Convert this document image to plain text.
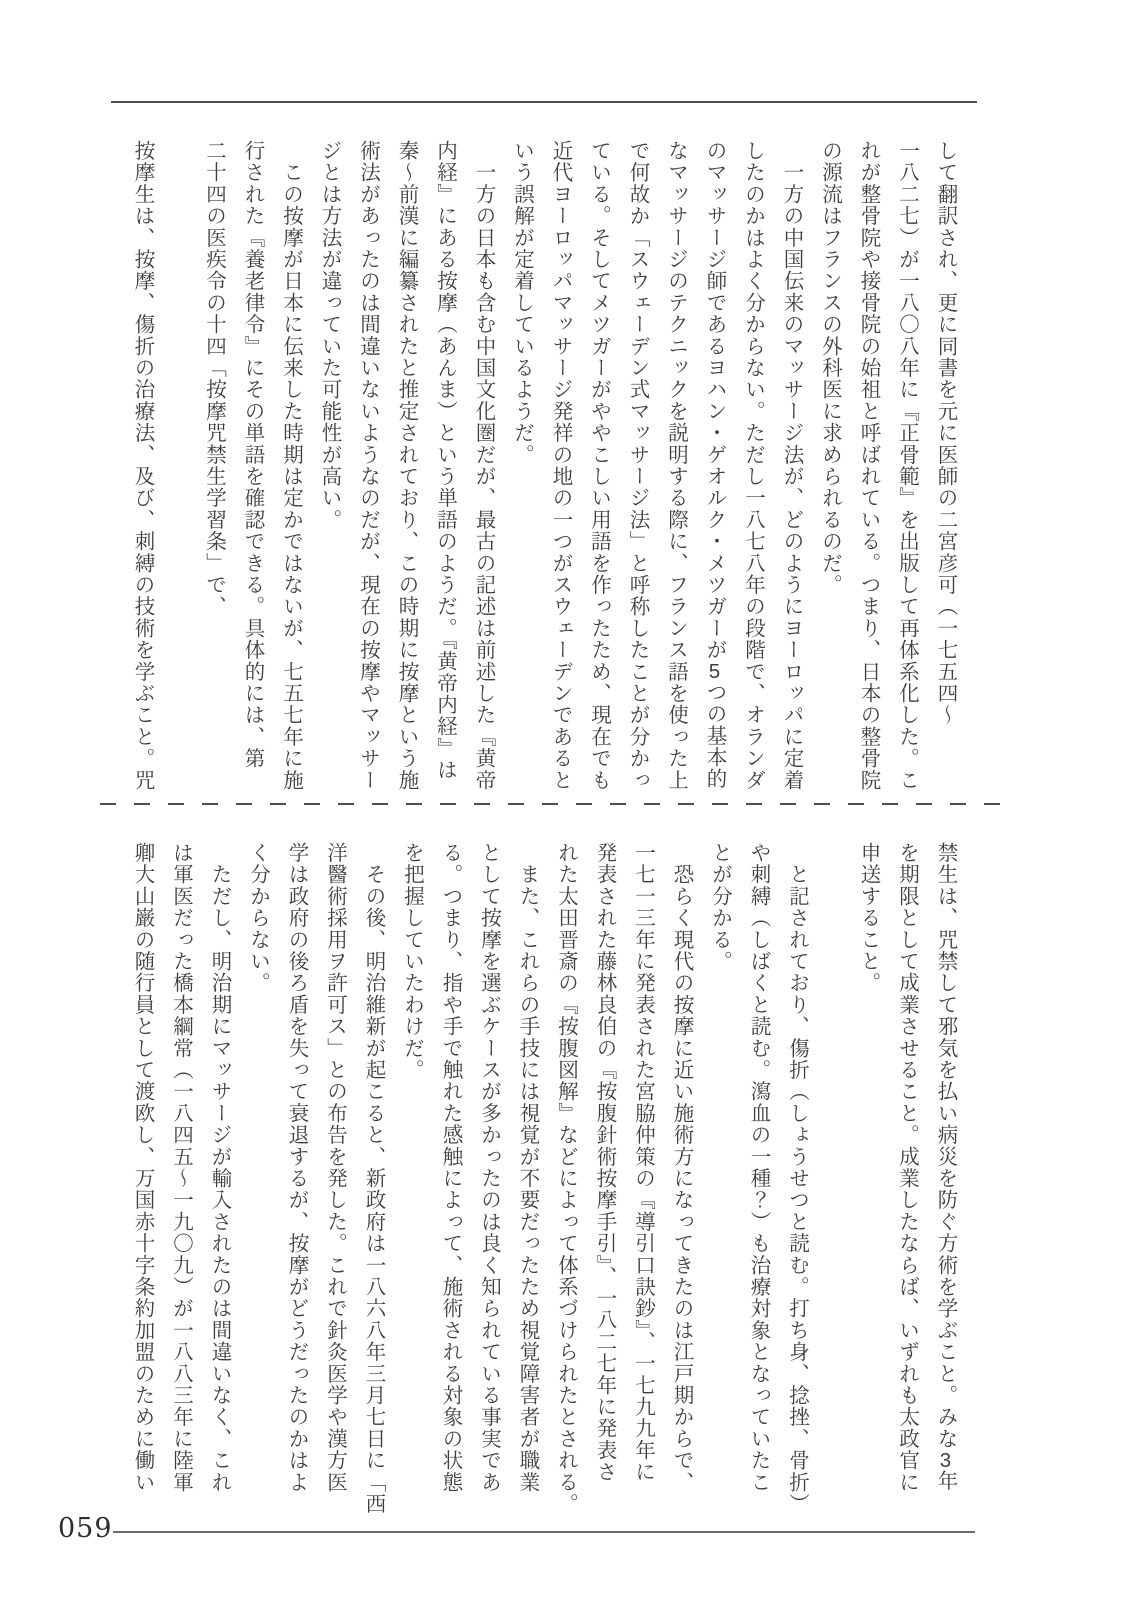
して翻訳され、更に同書を元に医師の二宮彦可（一七五四～

一八二七）が一八〇八年に『正骨範』を出版して再体系化した。こ

れが整骨院や接骨院の始祖と呼ばれている。つまり、日本の整骨院

の源流はフランスの外科医に求められるのだ。

　一方の中国伝来のマッサージ法が、どのようにヨーロッパに定着

したのかはよく分からない。ただし一八七八年の段階で、オランダ

のマッサージ師であるヨハン・ゲオルク・メツガーが5つの基本的

なマッサージのテクニックを説明する際に、フランス語を使った上

で何故か「スウェーデン式マッサージ法」と呼称したことが分かっ

ている。そしてメツガーがややこしい用語を作ったため、現在でも

近代ヨーロッパマッサージ発祥の地の一つがスウェーデンであると

いう誤解が定着しているようだ。

　一方の日本も含む中国文化圏だが、最古の記述は前述した『黄帝

内経』にある按摩（あんま）という単語のようだ。『黄帝内経』は

秦～前漢に編纂されたと推定されており、この時期に按摩という施

術法があったのは間違いないようなのだが、現在の按摩やマッサー

ジとは方法が違っていた可能性が高い。

　この按摩が日本に伝来した時期は定かではないが、七五七年に施

行された『養老律令』にその単語を確認できる。具体的には、第

二十四の医疾令の十四「按摩咒禁生学習条」で、

按摩生は、按摩、傷折の治療法、及び、刺縛の技術を学ぶこと。咒

禁生は、咒禁して邪気を払い病災を防ぐ方術を学ぶこと。みな3年

を期限として成業させること。成業したならば、いずれも太政官に

申送すること。

　と記されており、傷折（しょうせつと読む。打ち身、捻挫、骨折）

や刺縛（しばくと読む。瀉血の一種？）も治療対象となっていたこ

とが分かる。

　恐らく現代の按摩に近い施術方になってきたのは江戸期からで、

一七一三年に発表された宮脇仲策の『導引口訣鈔』、一七九九年に

発表された藤林良伯の『按腹針術按摩手引』、一八二七年に発表さ

れた太田晋斎の『按腹図解』などによって体系づけられたとされる。

　また、これらの手技には視覚が不要だったため視覚障害者が職業

として按摩を選ぶケースが多かったのは良く知られている事実であ

る。つまり、指や手で触れた感触によって、施術される対象の状態

を把握していたわけだ。

　その後、明治維新が起こると、新政府は一八六八年三月七日に「西

洋醫術採用ヲ許可ス」との布告を発した。これで針灸医学や漢方医

学は政府の後ろ盾を失って衰退するが、按摩がどうだったのかはよ

く分からない。

　ただし、明治期にマッサージが輸入されたのは間違いなく、これ

は軍医だった橋本綱常（一八四五～一九〇九）が一八八三年に陸軍

卿大山巌の随行員として渡欧し、万国赤十字条約加盟のために働い

059
